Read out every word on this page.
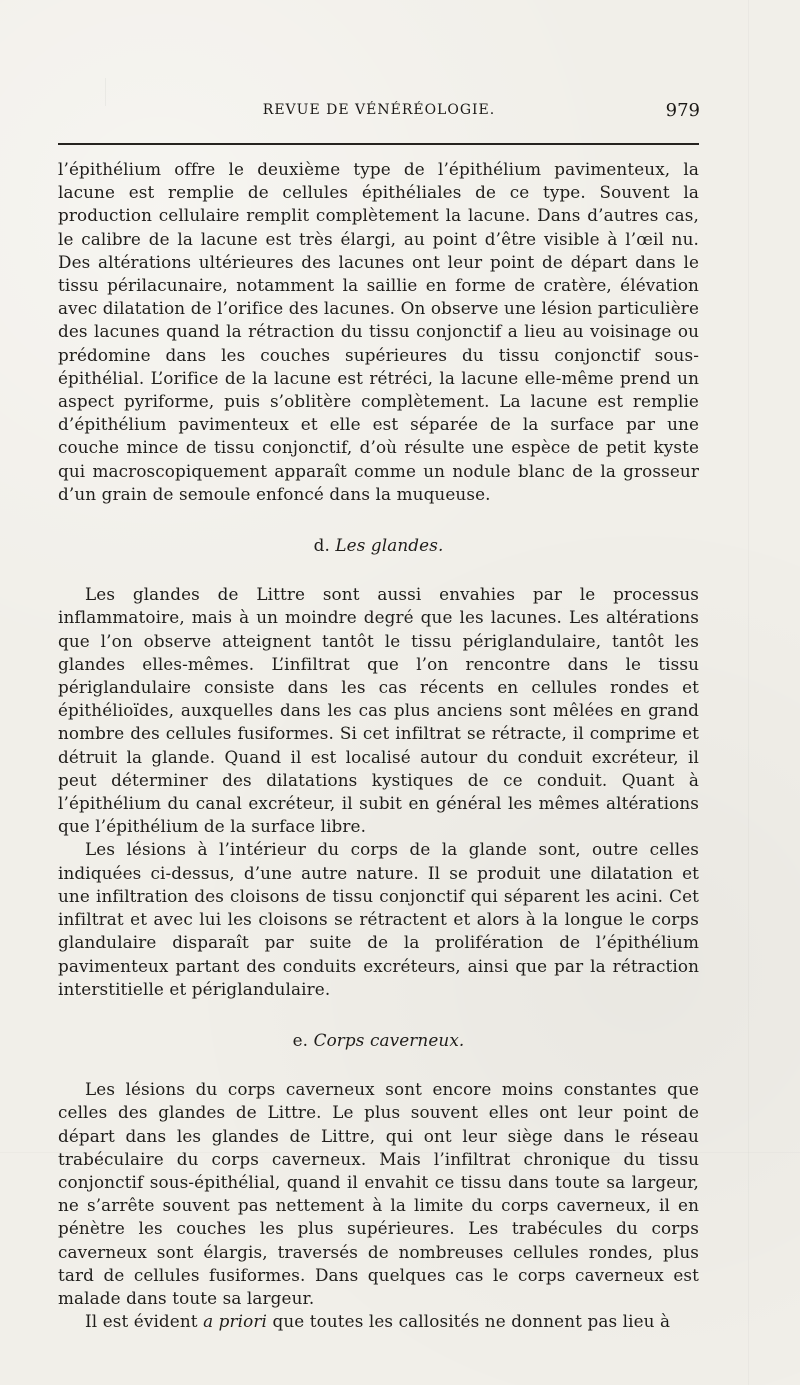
REVUE DE VÉNÉRÉOLOGIE.	979

l’épithélium offre le deuxième type de l’épithélium pavimenteux, la lacune est remplie de cellules épithéliales de ce type. Souvent la production cellulaire remplit complètement la lacune. Dans d’autres cas, le calibre de la lacune est très élargi, au point d’être visible à l’œil nu. Des altérations ultérieures des lacunes ont leur point de départ dans le tissu périlacunaire, notamment la saillie en forme de cratère, élévation avec dilatation de l’orifice des lacunes. On observe une lésion particulière des lacunes quand la rétraction du tissu conjonctif a lieu au voisinage ou prédomine dans les couches supérieures du tissu conjonctif sous-épithélial. L’orifice de la lacune est rétréci, la lacune elle-même prend un aspect pyriforme, puis s’oblitère complètement. La lacune est remplie d’épithélium pavimenteux et elle est séparée de la surface par une couche mince de tissu conjonctif, d’où résulte une espèce de petit kyste qui macroscopiquement apparaît comme un nodule blanc de la grosseur d’un grain de semoule enfoncé dans la muqueuse.

d. Les glandes.

Les glandes de Littre sont aussi envahies par le processus inflammatoire, mais à un moindre degré que les lacunes. Les altérations que l’on observe atteignent tantôt le tissu périglandulaire, tantôt les glandes elles-mêmes. L’infiltrat que l’on rencontre dans le tissu périglandulaire consiste dans les cas récents en cellules rondes et épithélioïdes, auxquelles dans les cas plus anciens sont mêlées en grand nombre des cellules fusiformes. Si cet infiltrat se rétracte, il comprime et détruit la glande. Quand il est localisé autour du conduit excréteur, il peut déterminer des dilatations kystiques de ce conduit. Quant à l’épithélium du canal excréteur, il subit en général les mêmes altérations que l’épithélium de la surface libre.

Les lésions à l’intérieur du corps de la glande sont, outre celles indiquées ci-dessus, d’une autre nature. Il se produit une dilatation et une infiltration des cloisons de tissu conjonctif qui séparent les acini. Cet infiltrat et avec lui les cloisons se rétractent et alors à la longue le corps glandulaire disparaît par suite de la prolifération de l’épithélium pavimenteux partant des conduits excréteurs, ainsi que par la rétraction interstitielle et périglandulaire.

e. Corps caverneux.

Les lésions du corps caverneux sont encore moins constantes que celles des glandes de Littre. Le plus souvent elles ont leur point de départ dans les glandes de Littre, qui ont leur siège dans le réseau trabéculaire du corps caverneux. Mais l’infiltrat chronique du tissu conjonctif sous-épithélial, quand il envahit ce tissu dans toute sa largeur, ne s’arrête souvent pas nettement à la limite du corps caverneux, il en pénètre les couches les plus supérieures. Les trabécules du corps caverneux sont élargis, traversés de nombreuses cellules rondes, plus tard de cellules fusiformes. Dans quelques cas le corps caverneux est malade dans toute sa largeur.

Il est évident a priori que toutes les callosités ne donnent pas lieu à
